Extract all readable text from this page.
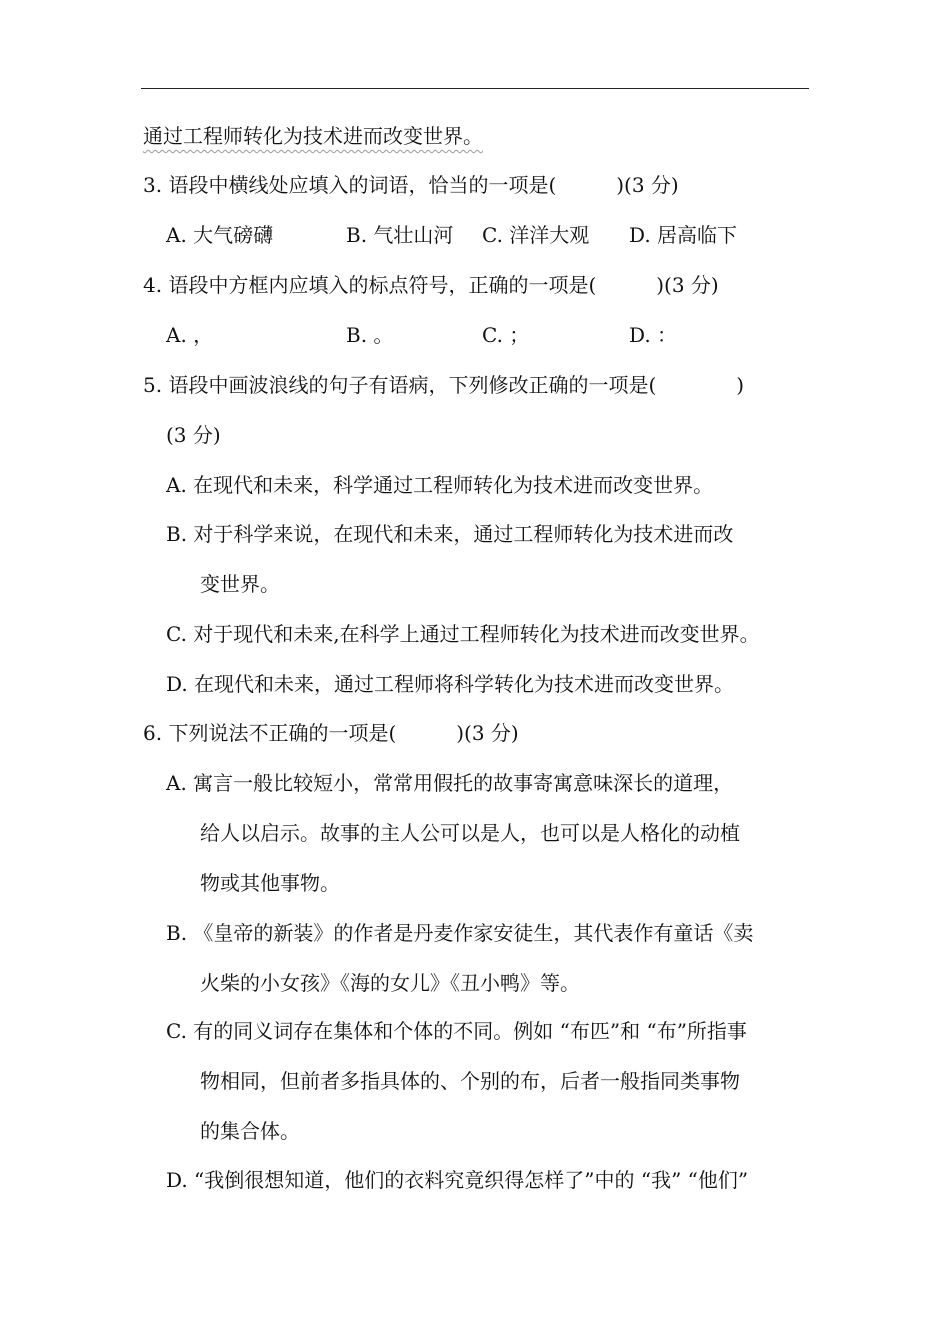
通过工程师转化为技术进而改变世界。
3. 语段中横线处应填入的词语，恰当的一项是(　　　)(3 分)
A. 大气磅礴	B. 气壮山河 C. 洋洋大观 D. 居高临下
4. 语段中方框内应填入的标点符号，正确的一项是(　　　)(3 分)
A. ，	B. 。	C. ；	D. ：
5. 语段中画波浪线的句子有语病，下列修改正确的一项是(　　　　)
(3 分)
A. 在现代和未来，科学通过工程师转化为技术进而改变世界。
B. 对于科学来说，在现代和未来，通过工程师转化为技术进而改
变世界。
C. 对于现代和未来,在科学上通过工程师转化为技术进而改变世界。
D. 在现代和未来，通过工程师将科学转化为技术进而改变世界。
6. 下列说法不正确的一项是(　　　)(3 分)
A. 寓言一般比较短小，常常用假托的故事寄寓意味深长的道理，
给人以启示。故事的主人公可以是人，也可以是人格化的动植
物或其他事物。
B. 《皇帝的新装》的作者是丹麦作家安徒生，其代表作有童话《卖
火柴的小女孩》《海的女儿》《丑小鸭》等。
C. 有的同义词存在集体和个体的不同。例如 “布匹”和 “布”所指事
物相同，但前者多指具体的、个别的布，后者一般指同类事物
的集合体。
D. “我倒很想知道，他们的衣料究竟织得怎样了”中的 “我” “他们”
